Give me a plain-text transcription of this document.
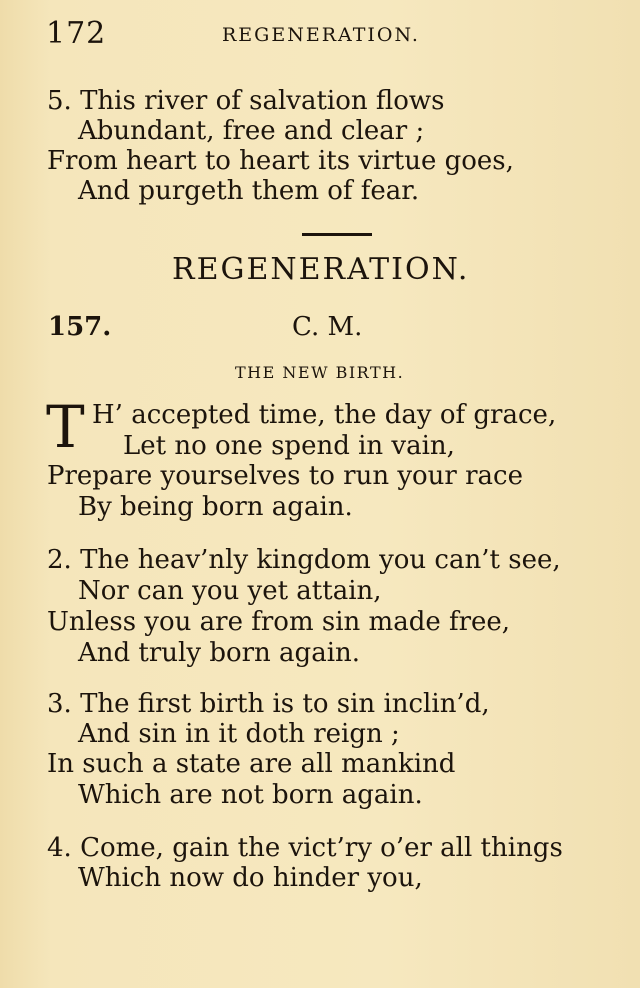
172	REGENERATION.
5. This river of salvation flows
Abundant, free and clear ;
From heart to heart its virtue goes,
And purgeth them of fear.
REGENERATION.
157.	C. M.
THE NEW BIRTH.
T H’ accepted time, the day of grace,
Let no one spend in vain,
Prepare yourselves to run your race
By being born again.
2. The heav’nly kingdom you can’t see,
Nor can you yet attain,
Unless you are from sin made free,
And truly born again.
3. The first birth is to sin inclin’d,
And sin in it doth reign ;
In such a state are all mankind
Which are not born again.
4. Come, gain the vict’ry o’er all things
Which now do hinder you,
